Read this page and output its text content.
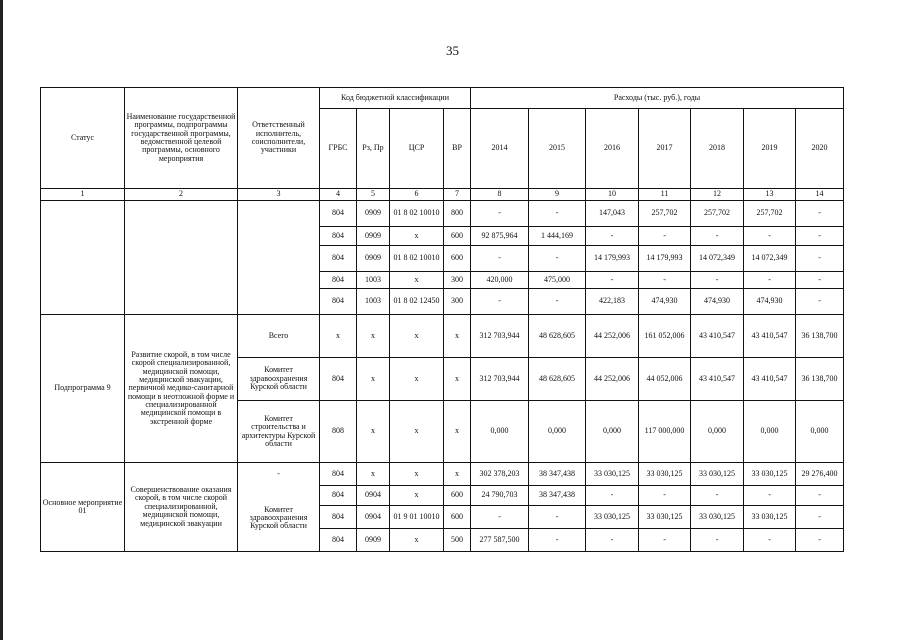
35
Статус	Наименование государственной программы, подпрограммы государственной программы, ведомственной целевой программы, основного мероприятия	Ответственный исполнитель, соисполнители, участники	Код бюджетной классификации				Расходы (тыс. руб.), годы						
			ГРБС	Рз, Пр	ЦСР	ВР	2014	2015	2016	2017	2018	2019	2020
1	2	3	4	5	6	7	8	9	10	11	12	13	14
			804	0909	01 8 02 10010	800	-	-	147,043	257,702	257,702	257,702	-
			804	0909	х	600	92 875,964	1 444,169	-	-	-	-	-
			804	0909	01 8 02 10010	600	-	-	14 179,993	14 179,993	14 072,349	14 072,349	-
			804	1003	х	300	420,000	475,000	-	-	-	-	-
			804	1003	01 8 02 12450	300	-	-	422,183	474,930	474,930	474,930	-
Подпрограмма 9	Развитие скорой, в том числе скорой специализированной, медицинской помощи, медицинской эвакуации, первичной медико-санитарной помощи в неотложной форме и специализированной медицинской помощи в экстренной форме	Всего	х	х	х	х	312 703,944	48 628,605	44 252,006	161 052,006	43 410,547	43 410,547	36 138,700
		Комитет здравоохранения Курской области	804	х	х	х	312 703,944	48 628,605	44 252,006	44 052,006	43 410,547	43 410,547	36 138,700
		Комитет строительства и архитектуры Курской области	808	х	х	х	0,000	0,000	0,000	117 000,000	0,000	0,000	0,000
Основное мероприятие 01	Совершенствование оказания скорой, в том числе скорой специализированной, медицинской помощи, медицинской эвакуации	-	804	х	х	х	302 378,203	38 347,438	33 030,125	33 030,125	33 030,125	33 030,125	29 276,400
		Комитет здравоохранения Курской области	804	0904	х	600	24 790,703	38 347,438	-	-	-	-	-
			804	0904	01 9 01 10010	600	-	-	33 030,125	33 030,125	33 030,125	33 030,125	-
			804	0909	х	500	277 587,500	-	-	-	-	-	-
